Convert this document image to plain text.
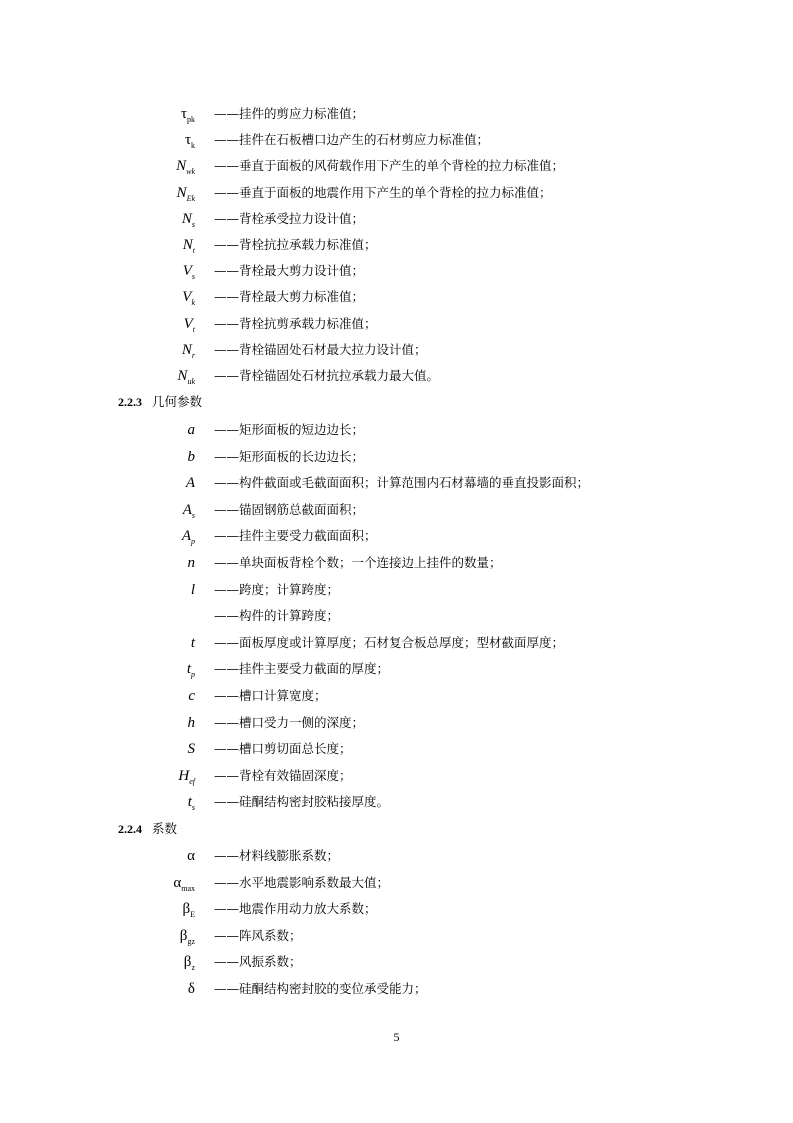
$\tau_{pk}$ ——挂件的剪应力标准值；
$\tau_k$ ——挂件在石板槽口边产生的石材剪应力标准值；
$N_{wk}$ ——垂直于面板的风荷载作用下产生的单个背栓的拉力标准值；
$N_{Ek}$ ——垂直于面板的地震作用下产生的单个背栓的拉力标准值；
$N_s$ ——背栓承受拉力设计值；
$N_t$ ——背栓抗拉承载力标准值；
$V_s$ ——背栓最大剪力设计值；
$V_k$ ——背栓最大剪力标准值；
$V_t$ ——背栓抗剪承载力标准值；
$N_r$ ——背栓锚固处石材最大拉力设计值；
$N_{uk}$ ——背栓锚固处石材抗拉承载力最大值。
2.2.3 几何参数
a ——矩形面板的短边边长；
b ——矩形面板的长边边长；
A ——构件截面或毛截面面积；计算范围内石材幕墙的垂直投影面积；
$A_s$ ——锚固钢筋总截面面积；
$A_p$ ——挂件主要受力截面面积；
n ——单块面板背栓个数；一个连接边上挂件的数量；
l ——跨度；计算跨度；
——构件的计算跨度；
t ——面板厚度或计算厚度；石材复合板总厚度；型材截面厚度；
$t_p$ ——挂件主要受力截面的厚度；
c ——槽口计算宽度；
h ——槽口受力一侧的深度；
S ——槽口剪切面总长度；
$H_{ef}$ ——背栓有效锚固深度；
$t_s$ ——硅酮结构密封胶粘接厚度。
2.2.4 系数
α ——材料线膨胀系数；
$\alpha_{max}$ ——水平地震影响系数最大值；
$\beta_E$ ——地震作用动力放大系数；
$\beta_{gz}$ ——阵风系数；
$\beta_z$ ——风振系数；
δ ——硅酮结构密封胶的变位承受能力；
5
